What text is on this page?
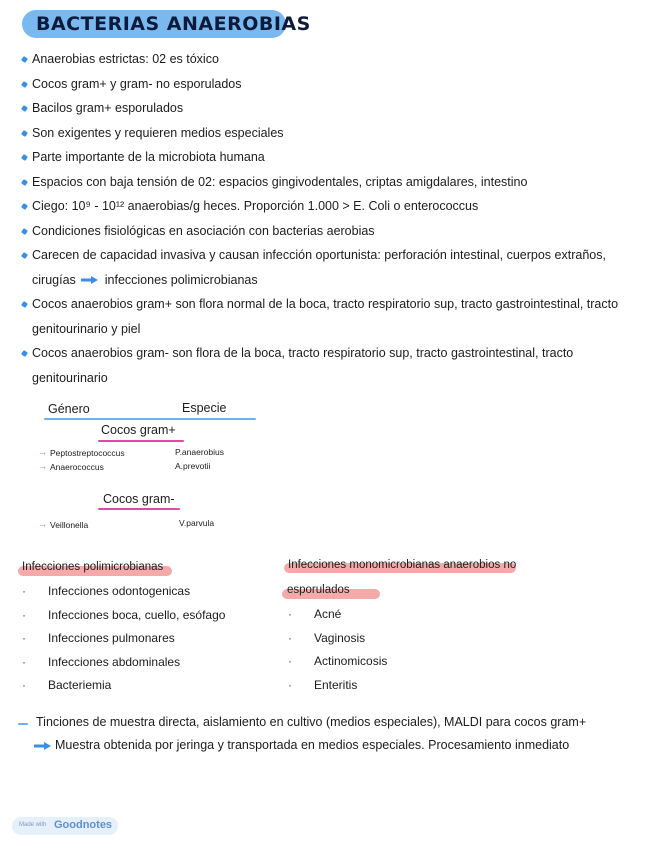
BACTERIAS ANAEROBIAS
Anaerobias estrictas: 02 es tóxico
Cocos gram+ y gram- no esporulados
Bacilos gram+ esporulados
Son exigentes y requieren medios especiales
Parte importante de la microbiota humana
Espacios con baja tensión de 02: espacios gingivodentales, criptas amigdalares, intestino
Ciego: 10⁹ - 10¹² anaerobias/g heces. Proporción 1.000 > E. Coli o enterococcus
Condiciones fisiológicas en asociación con bacterias aerobias
Carecen de capacidad invasiva y causan infección oportunista: perforación intestinal, cuerpos extraños, cirugías infecciones polimicrobianas
Cocos anaerobios gram+ son flora normal de la boca, tracto respiratorio sup, tracto gastrointestinal, tracto genitourinario y piel
Cocos anaerobios gram- son flora de la boca, tracto respiratorio sup, tracto gastrointestinal, tracto genitourinario
Género	Especie
Cocos gram+
→ Peptostreptococcus	P.anaerobius
→ Anaerococcus	A.prevotii
Cocos gram-
→ Veillonella	V.parvula
Infecciones polimicrobianas
· Infecciones odontogenicas
· Infecciones boca, cuello, esófago
· Infecciones pulmonares
· Infecciones abdominales
· Bacteriemia
Infecciones monomicrobianas anaerobios no
esporulados
· Acné
· Vaginosis
· Actinomicosis
· Enteritis
Tinciones de muestra directa, aislamiento en cultivo (medios especiales), MALDI para cocos gram+
Muestra obtenida por jeringa y transportada en medios especiales. Procesamiento inmediato
Made with Goodnotes
